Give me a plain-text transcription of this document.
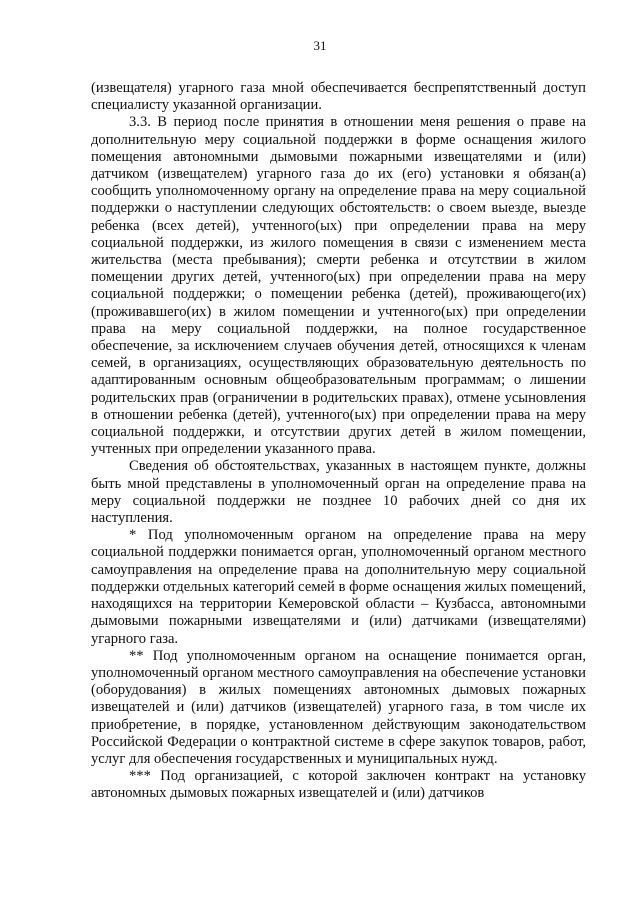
31

(извещателя) угарного газа мной обеспечивается беспрепятственный доступ специалисту указанной организации.

3.3. В период после принятия в отношении меня решения о праве на дополнительную меру социальной поддержки в форме оснащения жилого помещения автономными дымовыми пожарными извещателями и (или) датчиком (извещателем) угарного газа до их (его) установки я обязан(а) сообщить уполномоченному органу на определение права на меру социальной поддержки о наступлении следующих обстоятельств: о своем выезде, выезде ребенка (всех детей), учтенного(ых) при определении права на меру социальной поддержки, из жилого помещения в связи с изменением места жительства (места пребывания); смерти ребенка и отсутствии в жилом помещении других детей, учтенного(ых) при определении права на меру социальной поддержки; о помещении ребенка (детей), проживающего(их) (проживавшего(их) в жилом помещении и учтенного(ых) при определении права на меру социальной поддержки, на полное государственное обеспечение, за исключением случаев обучения детей, относящихся к членам семей, в организациях, осуществляющих образовательную деятельность по адаптированным основным общеобразовательным программам; о лишении родительских прав (ограничении в родительских правах), отмене усыновления в отношении ребенка (детей), учтенного(ых) при определении права на меру социальной поддержки, и отсутствии других детей в жилом помещении, учтенных при определении указанного права.

Сведения об обстоятельствах, указанных в настоящем пункте, должны быть мной представлены в уполномоченный орган на определение права на меру социальной поддержки не позднее 10 рабочих дней со дня их наступления.

* Под уполномоченным органом на определение права на меру социальной поддержки понимается орган, уполномоченный органом местного самоуправления на определение права на дополнительную меру социальной поддержки отдельных категорий семей в форме оснащения жилых помещений, находящихся на территории Кемеровской области – Кузбасса, автономными дымовыми пожарными извещателями и (или) датчиками (извещателями) угарного газа.

** Под уполномоченным органом на оснащение понимается орган, уполномоченный органом местного самоуправления на обеспечение установки (оборудования) в жилых помещениях автономных дымовых пожарных извещателей и (или) датчиков (извещателей) угарного газа, в том числе их приобретение, в порядке, установленном действующим законодательством Российской Федерации о контрактной системе в сфере закупок товаров, работ, услуг для обеспечения государственных и муниципальных нужд.

*** Под организацией, с которой заключен контракт на установку автономных дымовых пожарных извещателей и (или) датчиков
